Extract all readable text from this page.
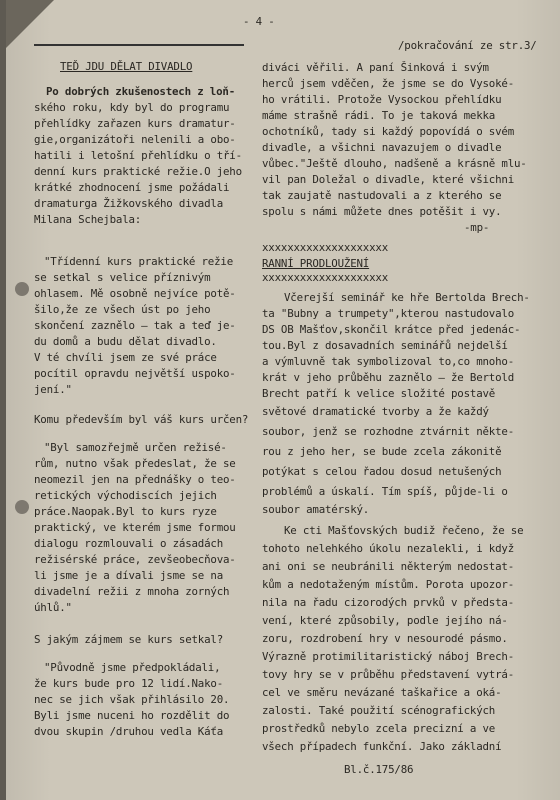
- 4 -
/pokračování ze str.3/
TEĎ JDU DĚLAT DIVADLO
Po dobrých zkušenostech z loň-
ského roku, kdy byl do programu
přehlídky zařazen kurs dramatur-
gie,organizátoři nelenili a obo-
hatili i letošní přehlídku o tří-
denní kurs praktické režie.O jeho
krátké zhodnocení jsme požádali
dramaturga Žižkovského divadla
Milana Schejbala:
"Třídenní kurs praktické režie
se setkal s velice příznivým
ohlasem. Mě osobně nejvíce potě-
šilo,že ze všech úst po jeho
skončení zaznělo – tak a teď je-
du domů a budu dělat divadlo.
V té chvíli jsem ze své práce
pocítil opravdu největší uspoko-
jení."
Komu především byl váš kurs určen?
"Byl samozřejmě určen režisé-
rům, nutno však předeslat, že se
neomezil jen na přednášky o teo-
retických východiscích jejich
práce.Naopak.Byl to kurs ryze
praktický, ve kterém jsme formou
dialogu rozmlouvali o zásadách
režisérské práce, zevšeobecňova-
li jsme je a dívali jsme se na
divadelní režii z mnoha zorných
úhlů."
S jakým zájmem se kurs setkal?
"Původně jsme předpokládali,
že kurs bude pro 12 lidí.Nako-
nec se jich však přihlásilo 20.
Byli jsme nuceni ho rozdělit do
dvou skupin /druhou vedla Káťa
diváci věřili. A paní Šinková i svým
herců jsem vděčen, že jsme se do Vysoké-
ho vrátili. Protože Vysockou přehlídku
máme strašně rádi. To je taková mekka
ochotníků, tady si každý popovídá o svém
divadle, a všichni navazujem o divadle
vůbec."Ještě dlouho, nadšeně a krásně mlu-
vil pan Doležal o divadle, které všichni
tak zaujatě nastudovali a z kterého se
spolu s námi můžete dnes potěšit i vy.
-mp-
xxxxxxxxxxxxxxxxxxxx
RANNÍ PRODLOUŽENÍ
xxxxxxxxxxxxxxxxxxxx
Včerejší seminář ke hře Bertolda Brech-
ta "Bubny a trumpety",kterou nastudovalo
DS OB Mašťov,skončil krátce před jedenác-
tou.Byl z dosavadních seminářů nejdelší
a výmluvně tak symbolizoval to,co mnoho-
krát v jeho průběhu zaznělo – že Bertold
Brecht patří k velice složité postavě
světové dramatické tvorby a že každý
soubor, jenž se rozhodne ztvárnit někte-
rou z jeho her, se bude zcela zákonitě
potýkat s celou řadou dosud netušených
problémů a úskalí. Tím spíš, půjde-li o
soubor amatérský.
Ke cti Mašťovských budiž řečeno, že se
tohoto nelehkého úkolu nezalekli, i když
ani oni se neubránili některým nedostat-
kům a nedotaženým místům. Porota upozor-
nila na řadu cizorodých prvků v předsta-
vení, které způsobily, podle jejího ná-
zoru, rozdrobení hry v nesourodé pásmo.
Výrazně protimilitaristický náboj Brech-
tovy hry se v průběhu představení vytrá-
cel ve směru nevázané taškařice a oká-
zalosti. Také použití scénografických
prostředků nebylo zcela precizní a ve
všech případech funkční. Jako základní
Bl.č.175/86
